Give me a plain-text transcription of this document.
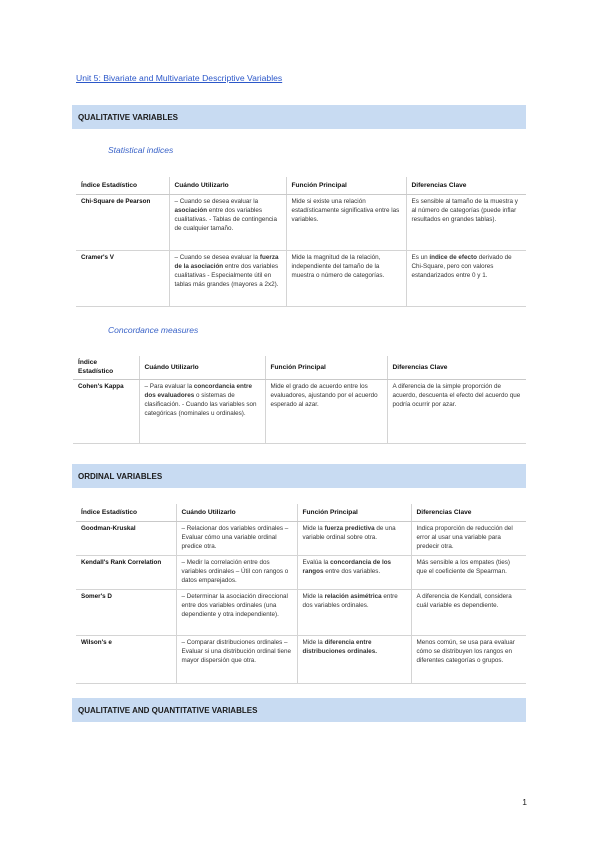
Unit 5: Bivariate and Multivariate Descriptive Variables
QUALITATIVE VARIABLES
Statistical indices
Índice Estadístico	Cuándo Utilizarlo	Función Principal	Diferencias Clave
Chi-Square de Pearson	– Cuando se desea evaluar la asociación entre dos variables cualitativas. - Tablas de contingencia de cualquier tamaño.	Mide si existe una relación estadísticamente significativa entre las variables.	Es sensible al tamaño de la muestra y al número de categorías (puede inflar resultados en grandes tablas).
Cramer's V	– Cuando se desea evaluar la fuerza de la asociación entre dos variables cualitativas - Especialmente útil en tablas más grandes (mayores a 2x2).	Mide la magnitud de la relación, independiente del tamaño de la muestra o número de categorías.	Es un índice de efecto derivado de Chi-Square, pero con valores estandarizados entre 0 y 1.
Concordance measures
Índice Estadístico	Cuándo Utilizarlo	Función Principal	Diferencias Clave
Cohen's Kappa	– Para evaluar la concordancia entre dos evaluadores o sistemas de clasificación. - Cuando las variables son categóricas (nominales u ordinales).	Mide el grado de acuerdo entre los evaluadores, ajustando por el acuerdo esperado al azar.	A diferencia de la simple proporción de acuerdo, descuenta el efecto del acuerdo que podría ocurrir por azar.
ORDINAL VARIABLES
Índice Estadístico	Cuándo Utilizarlo	Función Principal	Diferencias Clave
Goodman-Kruskal	– Relacionar dos variables ordinales – Evaluar cómo una variable ordinal predice otra.	Mide la fuerza predictiva de una variable ordinal sobre otra.	Indica proporción de reducción del error al usar una variable para predecir otra.
Kendall's Rank Correlation	– Medir la correlación entre dos variables ordinales – Útil con rangos o datos emparejados.	Evalúa la concordancia de los rangos entre dos variables.	Más sensible a los empates (ties) que el coeficiente de Spearman.
Somer's D	– Determinar la asociación direccional entre dos variables ordinales (una dependiente y otra independiente).	Mide la relación asimétrica entre dos variables ordinales.	A diferencia de Kendall, considera cuál variable es dependiente.
Wilson's e	– Comparar distribuciones ordinales – Evaluar si una distribución ordinal tiene mayor dispersión que otra.	Mide la diferencia entre distribuciones ordinales.	Menos común, se usa para evaluar cómo se distribuyen los rangos en diferentes categorías o grupos.
QUALITATIVE AND QUANTITATIVE VARIABLES
1
